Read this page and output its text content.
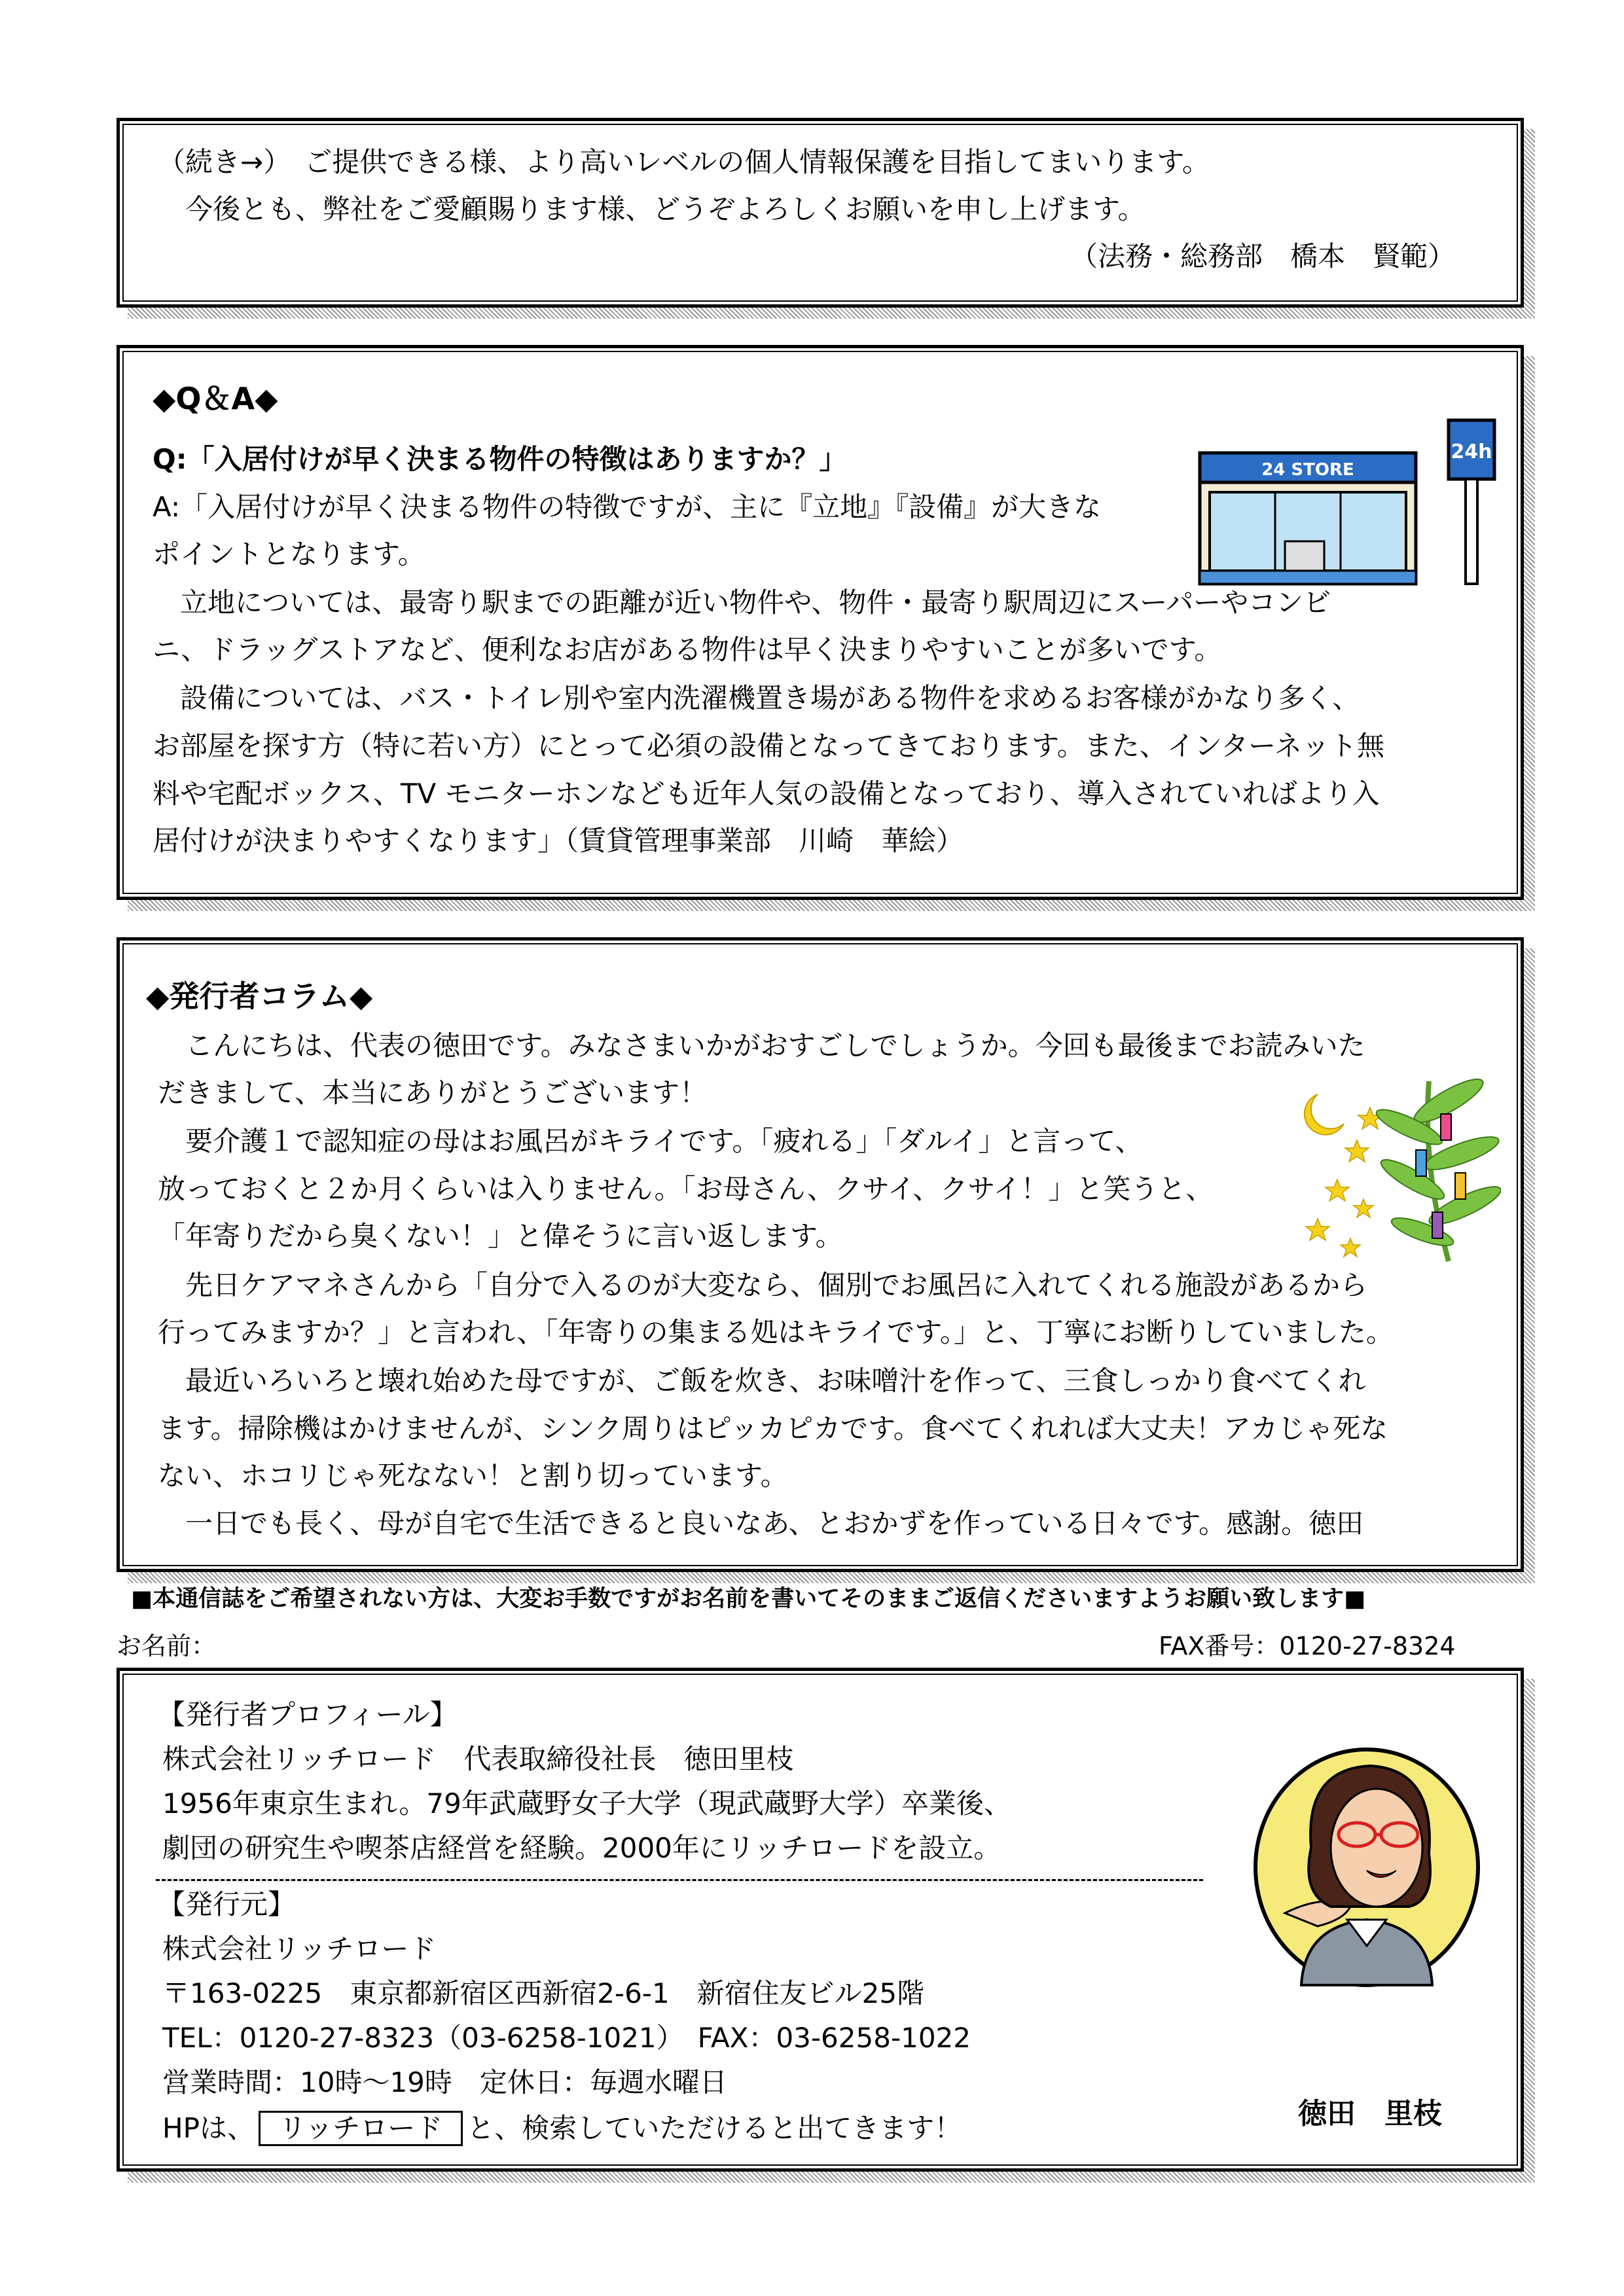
（続き→）　ご提供できる様、より高いレベルの個人情報保護を目指してまいります。
　今後とも、弊社をご愛顧賜ります様、どうぞよろしくお願いを申し上げます。
（法務・総務部　橋本　賢範）
◆Q＆A◆
Q:「入居付けが早く決まる物件の特徴はありますか？」
A:「入居付けが早く決まる物件の特徴ですが、主に『立地』『設備』が大きな
ポイントとなります。
　立地については、最寄り駅までの距離が近い物件や、物件・最寄り駅周辺にスーパーやコンビ
ニ、ドラッグストアなど、便利なお店がある物件は早く決まりやすいことが多いです。
　設備については、バス・トイレ別や室内洗濯機置き場がある物件を求めるお客様がかなり多く、
お部屋を探す方（特に若い方）にとって必須の設備となってきております。また、インターネット無
料や宅配ボックス、TV モニターホンなども近年人気の設備となっており、導入されていればより入
居付けが決まりやすくなります」（賃貸管理事業部　川崎　華絵）
24 STORE
24h
◆発行者コラム◆
　こんにちは、代表の徳田です。みなさまいかがおすごしでしょうか。今回も最後までお読みいた
だきまして、本当にありがとうございます！
　要介護１で認知症の母はお風呂がキライです。「疲れる」「ダルイ」と言って、
放っておくと２か月くらいは入りません。「お母さん、クサイ、クサイ！」と笑うと、
「年寄りだから臭くない！」と偉そうに言い返します。
　先日ケアマネさんから「自分で入るのが大変なら、個別でお風呂に入れてくれる施設があるから
行ってみますか？」と言われ、「年寄りの集まる処はキライです。」と、丁寧にお断りしていました。
　最近いろいろと壊れ始めた母ですが、ご飯を炊き、お味噌汁を作って、三食しっかり食べてくれ
ます。掃除機はかけませんが、シンク周りはピッカピカです。食べてくれれば大丈夫！アカじゃ死な
ない、ホコリじゃ死なない！と割り切っています。
　一日でも長く、母が自宅で生活できると良いなあ、とおかずを作っている日々です。感謝。徳田
■本通信誌をご希望されない方は、大変お手数ですがお名前を書いてそのままご返信くださいますようお願い致します■
お名前：	FAX番号：0120-27-8324
【発行者プロフィール】
株式会社リッチロード　代表取締役社長　徳田里枝
1956年東京生まれ。79年武蔵野女子大学（現武蔵野大学）卒業後、
劇団の研究生や喫茶店経営を経験。2000年にリッチロードを設立。
【発行元】
株式会社リッチロード
〒163-0225　東京都新宿区西新宿2-6-1　新宿住友ビル25階
TEL：0120-27-8323（03-6258-1021）　FAX：03-6258-1022
営業時間：10時～19時　定休日：毎週水曜日
HPは、 リッチロード と、検索していただけると出てきます！	徳田　里枝
